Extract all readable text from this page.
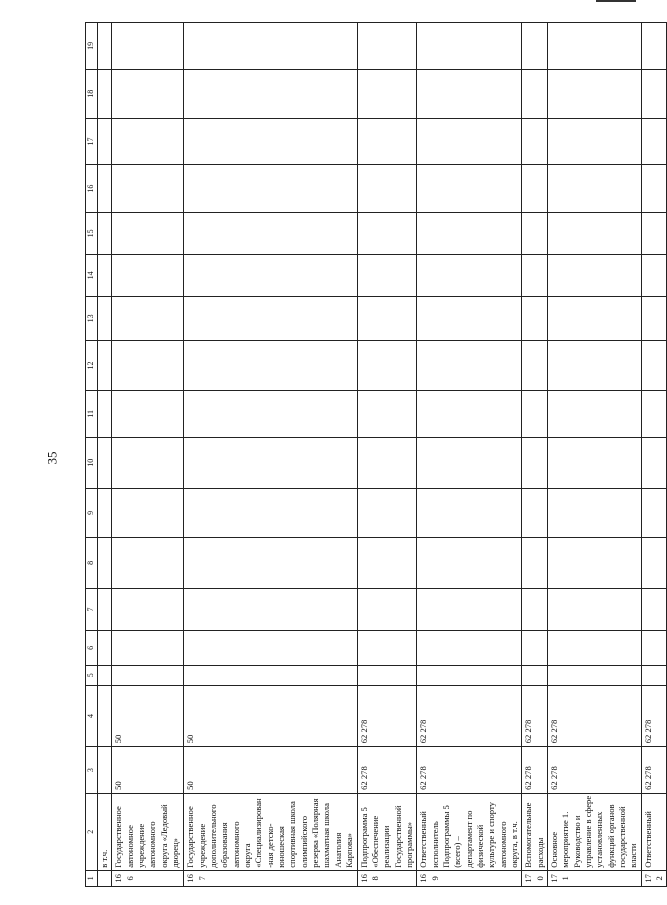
35
1	2	3	4	5	6	7	8	9	10	11	12	13	14	15	16	17	18	19
	в т.ч.																	
166	Государственное автономное учреждение автономного округа «Ледовый дворец»	50	50															
167	Государственное учреждение дополнительного образования автономного округа «Специализирован-ная детско-юношеская спортивная школа олимпийского резерва «Полярная шахматная школа Анатолия Карпова»	50	50															
168	Подпрограмма 5 «Обеспечение реализации Государственной программы»	62 278	62 278															
169	Ответственный исполнитель Подпрограммы 5 (всего) – департамент по физической культуре и спорту автономного округа, в т.ч.	62 278	62 278															
170	Вспомогательные расходы	62 278	62 278															
171	Основное мероприятие 1. Руководство и управление в сфере установленных функций органов государственной власти	62 278	62 278															
172	Ответственный	62 278	62 278															
